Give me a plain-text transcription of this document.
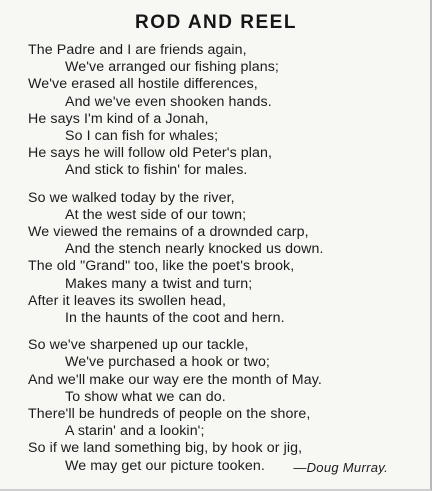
ROD AND REEL
The Padre and I are friends again,
We've arranged our fishing plans;
We've erased all hostile differences,
And we've even shooken hands.
He says I'm kind of a Jonah,
So I can fish for whales;
He says he will follow old Peter's plan,
And stick to fishin' for males.
So we walked today by the river,
At the west side of our town;
We viewed the remains of a drownded carp,
And the stench nearly knocked us down.
The old "Grand" too, like the poet's brook,
Makes many a twist and turn;
After it leaves its swollen head,
In the haunts of the coot and hern.
So we've sharpened up our tackle,
We've purchased a hook or two;
And we'll make our way ere the month of May.
To show what we can do.
There'll be hundreds of people on the shore,
A starin' and a lookin';
So if we land something big, by hook or jig,
We may get our picture tooken.	—Doug Murray.
